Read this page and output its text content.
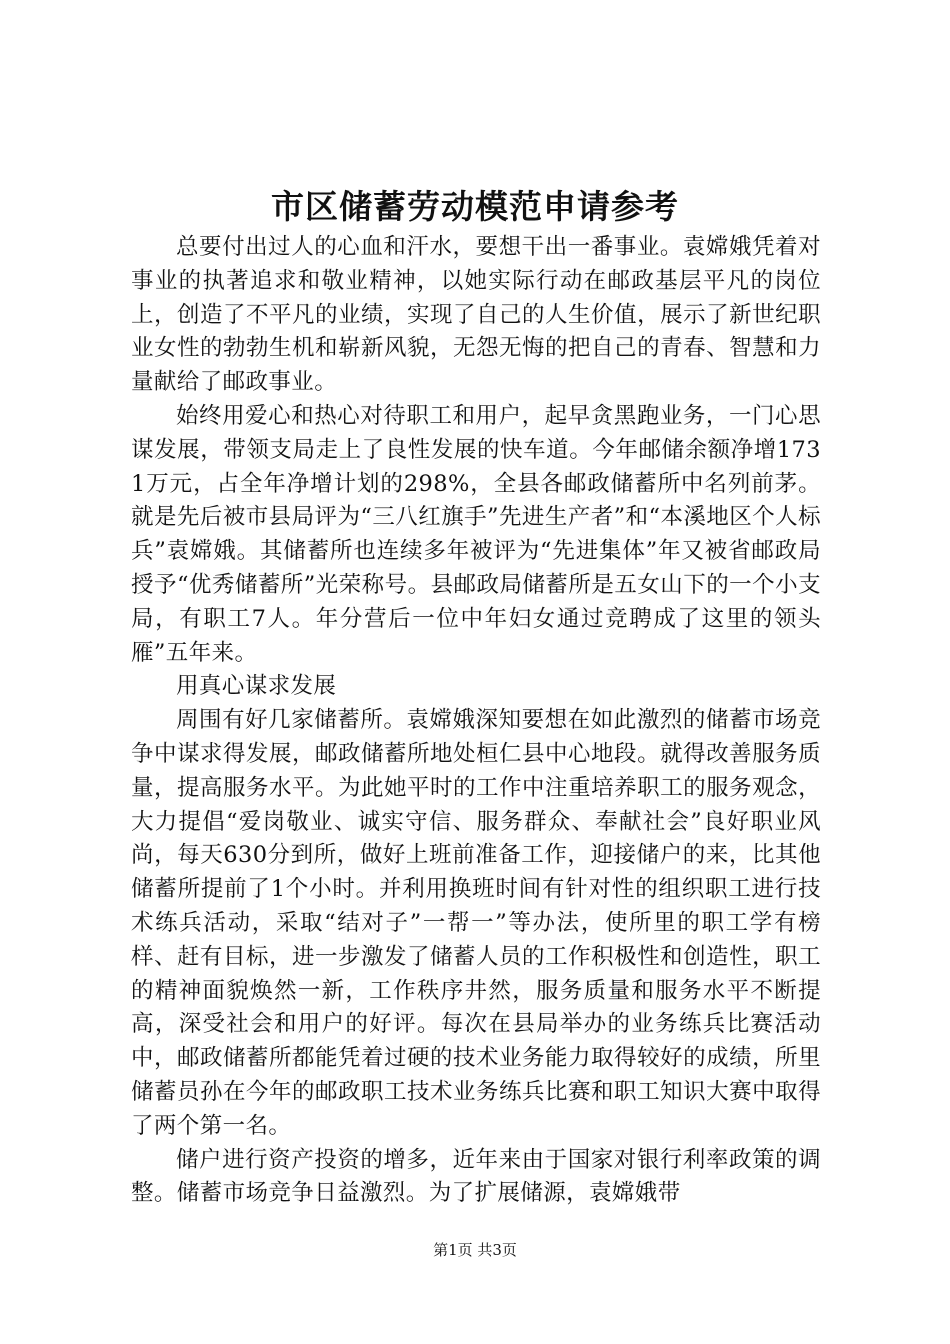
市区储蓄劳动模范申请参考

总要付出过人的心血和汗水，要想干出一番事业。袁嫦娥凭着对事业的执著追求和敬业精神，以她实际行动在邮政基层平凡的岗位上，创造了不平凡的业绩，实现了自己的人生价值，展示了新世纪职业女性的勃勃生机和崭新风貌，无怨无悔的把自己的青春、智慧和力量献给了邮政事业。

始终用爱心和热心对待职工和用户，起早贪黑跑业务，一门心思谋发展，带领支局走上了良性发展的快车道。今年邮储余额净增1731万元，占全年净增计划的298%，全县各邮政储蓄所中名列前茅。就是先后被市县局评为“三八红旗手”先进生产者”和“本溪地区个人标兵”袁嫦娥。其储蓄所也连续多年被评为“先进集体”年又被省邮政局授予“优秀储蓄所”光荣称号。县邮政局储蓄所是五女山下的一个小支局，有职工7人。年分营后一位中年妇女通过竞聘成了这里的领头雁”五年来。

用真心谋求发展

周围有好几家储蓄所。袁嫦娥深知要想在如此激烈的储蓄市场竞争中谋求得发展，邮政储蓄所地处桓仁县中心地段。就得改善服务质量，提高服务水平。为此她平时的工作中注重培养职工的服务观念，大力提倡“爱岗敬业、诚实守信、服务群众、奉献社会”良好职业风尚，每天630分到所，做好上班前准备工作，迎接储户的来，比其他储蓄所提前了1个小时。并利用换班时间有针对性的组织职工进行技术练兵活动，采取“结对子”一帮一”等办法，使所里的职工学有榜样、赶有目标，进一步激发了储蓄人员的工作积极性和创造性，职工的精神面貌焕然一新，工作秩序井然，服务质量和服务水平不断提高，深受社会和用户的好评。每次在县局举办的业务练兵比赛活动中，邮政储蓄所都能凭着过硬的技术业务能力取得较好的成绩，所里储蓄员孙在今年的邮政职工技术业务练兵比赛和职工知识大赛中取得了两个第一名。

储户进行资产投资的增多，近年来由于国家对银行利率政策的调整。储蓄市场竞争日益激烈。为了扩展储源，袁嫦娥带

第1页 共3页
